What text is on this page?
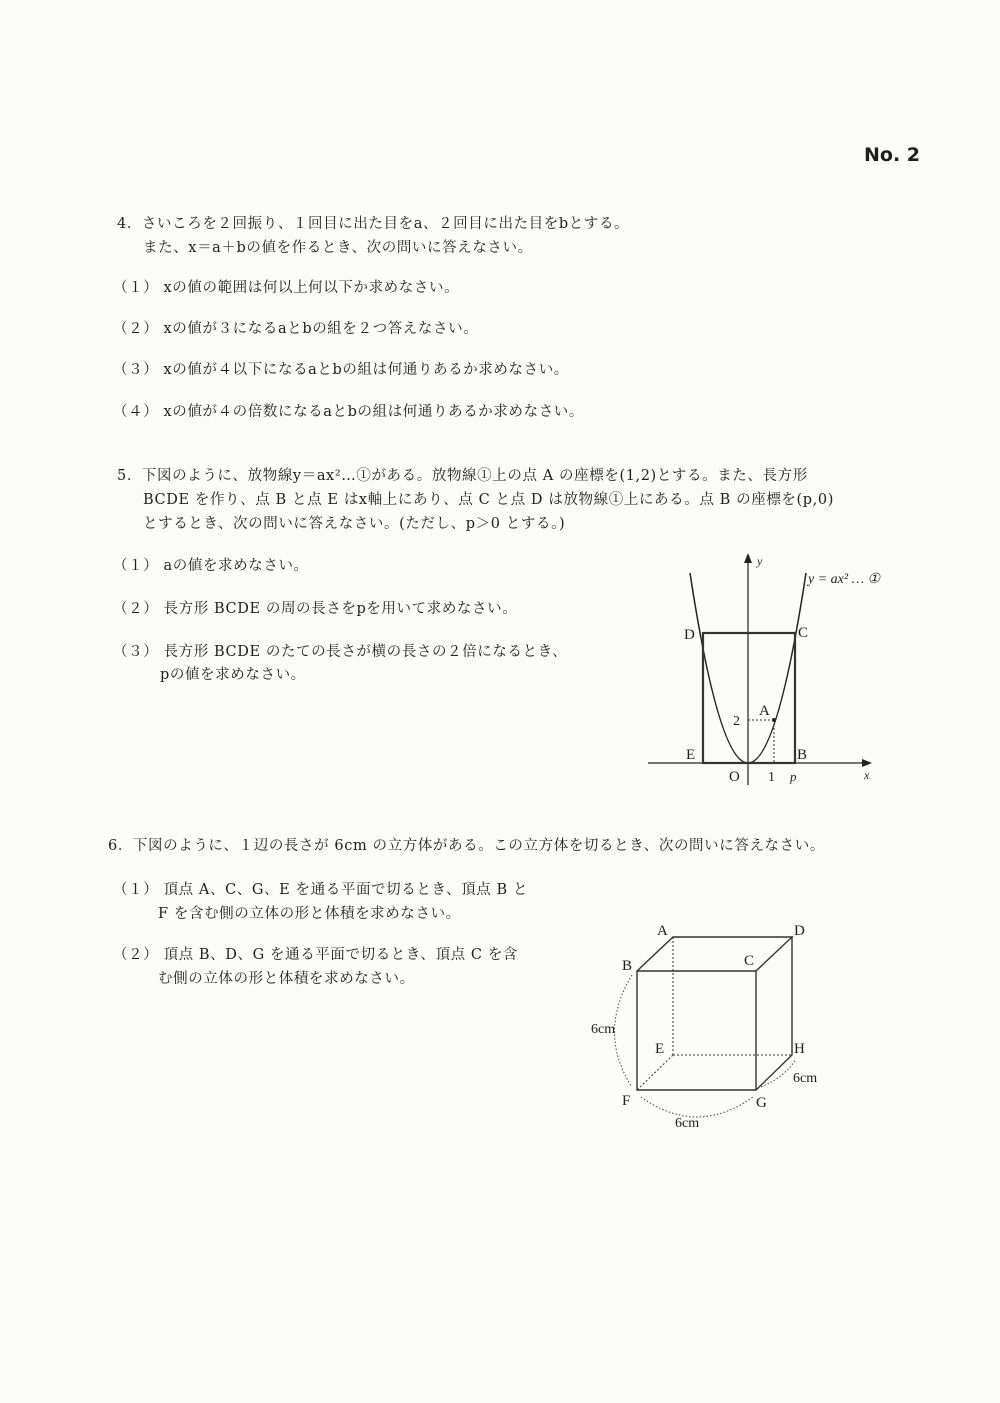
No. 2
4．さいころを２回振り、１回目に出た目をa、２回目に出た目をbとする。
また、x＝a＋bの値を作るとき、次の問いに答えなさい。
（１） xの値の範囲は何以上何以下か求めなさい。
（２） xの値が３になるaとbの組を２つ答えなさい。
（３） xの値が４以下になるaとbの組は何通りあるか求めなさい。
（４） xの値が４の倍数になるaとbの組は何通りあるか求めなさい。
5．下図のように、放物線y＝ax²…①がある。放物線①上の点 A の座標を(1,2)とする。また、長方形
BCDE を作り、点 B と点 E はx軸上にあり、点 C と点 D は放物線①上にある。点 B の座標を(p,0)
とするとき、次の問いに答えなさい。(ただし、p＞0 とする。)
（１） aの値を求めなさい。
（２） 長方形 BCDE の周の長さをpを用いて求めなさい。
（３） 長方形 BCDE のたての長さが横の長さの２倍になるとき、
pの値を求めなさい。
y = ax² … ①
y
x
D	C
A
E	B
O
2
1 p
6．下図のように、１辺の長さが 6cm の立方体がある。この立方体を切るとき、次の問いに答えなさい。
（１） 頂点 A、C、G、E を通る平面で切るとき、頂点 B と
F を含む側の立体の形と体積を求めなさい。
（２） 頂点 B、D、G を通る平面で切るとき、頂点 C を含
む側の立体の形と体積を求めなさい。
A	D
B	C
E	H
F	G
6cm
6cm
6cm
